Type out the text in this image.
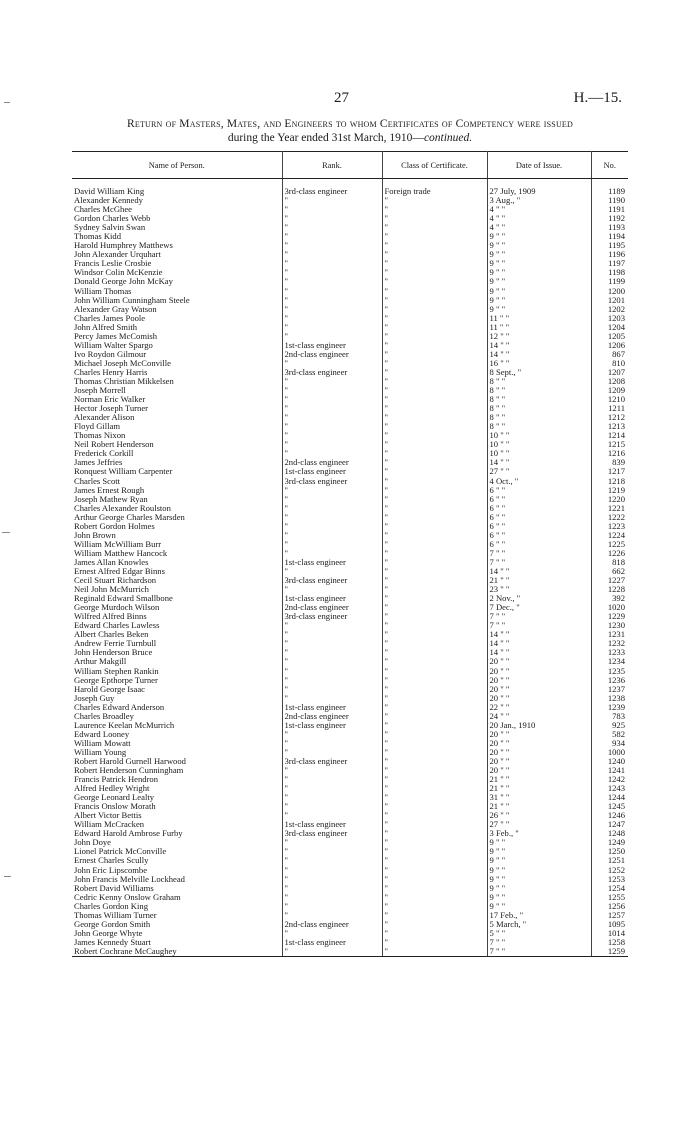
27	H.—15.
Return of Masters, Mates, and Engineers to whom Certificates of Competency were issued
during the Year ended 31st March, 1910—continued.
Name of Person.	Rank.	Class of Certificate.	Date of Issue.	No.

David William King	3rd-class engineer	Foreign trade	27 July, 1909	1189
Alexander Kennedy	"	"	3 Aug., "	1190
Charles McGhee	"	"	4 " "	1191
Gordon Charles Webb	"	"	4 " "	1192
Sydney Salvin Swan	"	"	4 " "	1193
Thomas Kidd	"	"	9 " "	1194
Harold Humphrey Matthews	"	"	9 " "	1195
John Alexander Urquhart	"	"	9 " "	1196
Francis Leslie Crosbie	"	"	9 " "	1197
Windsor Colin McKenzie	"	"	9 " "	1198
Donald George John McKay	"	"	9 " "	1199
William Thomas	"	"	9 " "	1200
John William Cunningham Steele	"	"	9 " "	1201
Alexander Gray Watson	"	"	9 " "	1202
Charles James Poole	"	"	11 " "	1203
John Alfred Smith	"	"	11 " "	1204
Percy James McComish	"	"	12 " "	1205
William Walter Spargo	1st-class engineer	"	14 " "	1206
Ivo Roydon Gilmour	2nd-class engineer	"	14 " "	867
Michael Joseph McConville	"	"	16 " "	810
Charles Henry Harris	3rd-class engineer	"	8 Sept., "	1207
Thomas Christian Mikkelsen	"	"	8 " "	1208
Joseph Morrell	"	"	8 " "	1209
Norman Eric Walker	"	"	8 " "	1210
Hector Joseph Turner	"	"	8 " "	1211
Alexander Alison	"	"	8 " "	1212
Floyd Gillam	"	"	8 " "	1213
Thomas Nixon	"	"	10 " "	1214
Neil Robert Henderson	"	"	10 " "	1215
Frederick Corkill	"	"	10 " "	1216
James Jeffries	2nd-class engineer	"	14 " "	839
Ronquest William Carpenter	1st-class engineer	"	27 " "	1217
Charles Scott	3rd-class engineer	"	4 Oct., "	1218
James Ernest Rough	"	"	6 " "	1219
Joseph Mathew Ryan	"	"	6 " "	1220
Charles Alexander Roulston	"	"	6 " "	1221
Arthur George Charles Marsden	"	"	6 " "	1222
Robert Gordon Holmes	"	"	6 " "	1223
John Brown	"	"	6 " "	1224
William McWilliam Burr	"	"	6 " "	1225
William Matthew Hancock	"	"	7 " "	1226
James Allan Knowles	1st-class engineer	"	7 " "	818
Ernest Alfred Edgar Binns	"	"	14 " "	662
Cecil Stuart Richardson	3rd-class engineer	"	21 " "	1227
Neil John McMurrich	"	"	23 " "	1228
Reginald Edward Smallbone	1st-class engineer	"	2 Nov., "	392
George Murdoch Wilson	2nd-class engineer	"	7 Dec., "	1020
Wilfred Alfred Binns	3rd-class engineer	"	7 " "	1229
Edward Charles Lawless	"	"	7 " "	1230
Albert Charles Beken	"	"	14 " "	1231
Andrew Ferrie Turnbull	"	"	14 " "	1232
John Henderson Bruce	"	"	14 " "	1233
Arthur Makgill	"	"	20 " "	1234
William Stephen Rankin	"	"	20 " "	1235
George Epthorpe Turner	"	"	20 " "	1236
Harold George Isaac	"	"	20 " "	1237
Joseph Guy	"	"	20 " "	1238
Charles Edward Anderson	1st-class engineer	"	22 " "	1239
Charles Broadley	2nd-class engineer	"	24 " "	783
Laurence Keelan McMurrich	1st-class engineer	"	20 Jan., 1910	925
Edward Looney	"	"	20 " "	582
William Mowatt	"	"	20 " "	934
William Young	"	"	20 " "	1000
Robert Harold Gurnell Harwood	3rd-class engineer	"	20 " "	1240
Robert Henderson Cunningham	"	"	20 " "	1241
Francis Patrick Hendron	"	"	21 " "	1242
Alfred Hedley Wright	"	"	21 " "	1243
George Leonard Lealty	"	"	31 " "	1244
Francis Onslow Morath	"	"	21 " "	1245
Albert Victor Bettis	"	"	26 " "	1246
William McCracken	1st-class engineer	"	27 " "	1247
Edward Harold Ambrose Furby	3rd-class engineer	"	3 Feb., "	1248
John Doye	"	"	9 " "	1249
Lionel Patrick McConville	"	"	9 " "	1250
Ernest Charles Scully	"	"	9 " "	1251
John Eric Lipscombe	"	"	9 " "	1252
John Francis Melville Lockhead	"	"	9 " "	1253
Robert David Williams	"	"	9 " "	1254
Cedric Kenny Onslow Graham	"	"	9 " "	1255
Charles Gordon King	"	"	9 " "	1256
Thomas William Turner	"	"	17 Feb., "	1257
George Gordon Smith	2nd-class engineer	"	5 March, "	1095
John George Whyte	"	"	5 " "	1014
James Kennedy Stuart	1st-class engineer	"	7 " "	1258
Robert Cochrane McCaughey	"	"	7 " "	1259
